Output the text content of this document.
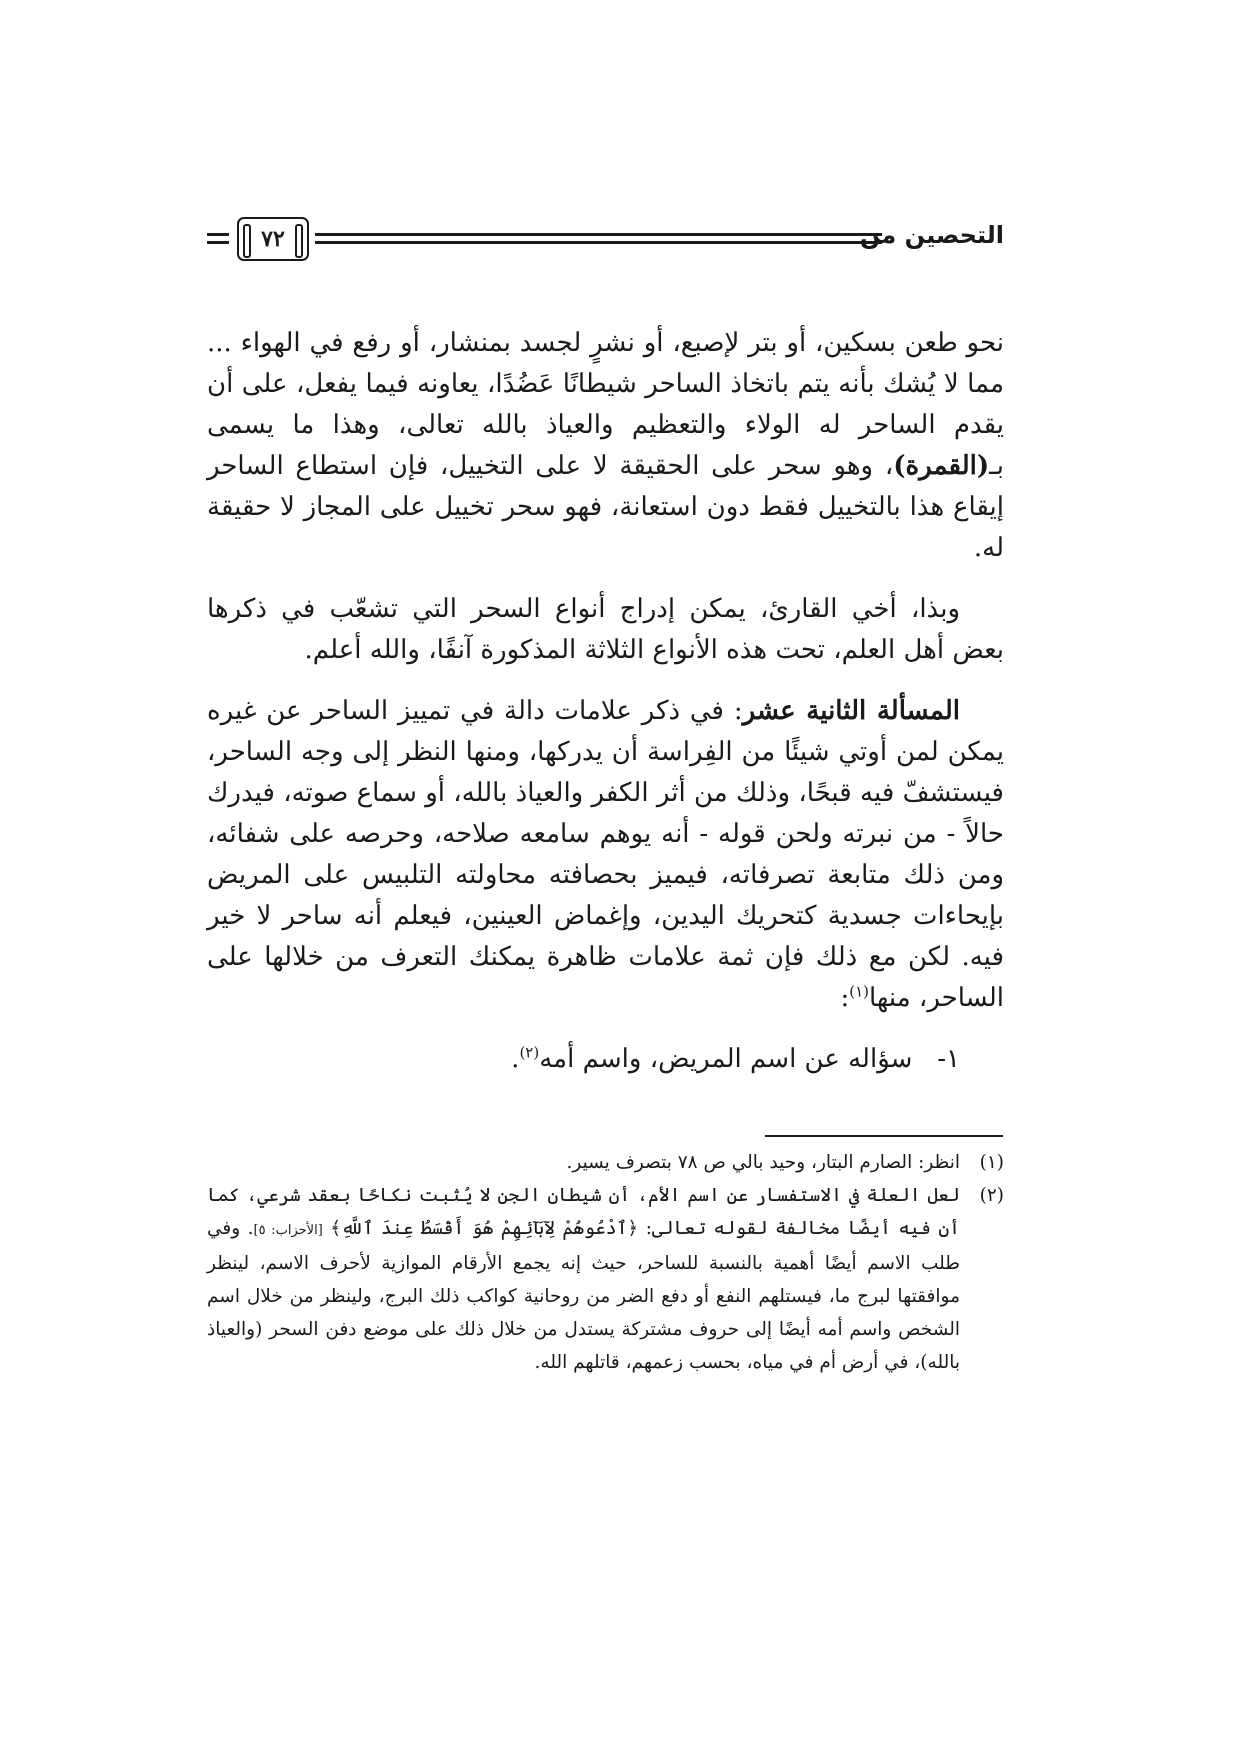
٧٢	التحصين من

نحو طعن بسكين، أو بتر لإصبع، أو نشرٍ لجسد بمنشار، أو رفع في الهواء ... مما لا يُشك بأنه يتم باتخاذ الساحر شيطانًا عَضُدًا، يعاونه فيما يفعل، على أن يقدم الساحر له الولاء والتعظيم والعياذ بالله تعالى، وهذا ما يسمى بـ(القمرة)، وهو سحر على الحقيقة لا على التخييل، فإن استطاع الساحر إيقاع هذا بالتخييل فقط دون استعانة، فهو سحر تخييل على المجاز لا حقيقة له.

وبذا، أخي القارئ، يمكن إدراج أنواع السحر التي تشعّب في ذكرها بعض أهل العلم، تحت هذه الأنواع الثلاثة المذكورة آنفًا، والله أعلم.

المسألة الثانية عشر: في ذكر علامات دالة في تمييز الساحر عن غيره يمكن لمن أوتي شيئًا من الفِراسة أن يدركها، ومنها النظر إلى وجه الساحر، فيستشفّ فيه قبحًا، وذلك من أثر الكفر والعياذ بالله، أو سماع صوته، فيدرك حالاً - من نبرته ولحن قوله - أنه يوهم سامعه صلاحه، وحرصه على شفائه، ومن ذلك متابعة تصرفاته، فيميز بحصافته محاولته التلبيس على المريض بإيحاءات جسدية كتحريك اليدين، وإغماض العينين، فيعلم أنه ساحر لا خير فيه. لكن مع ذلك فإن ثمة علامات ظاهرة يمكنك التعرف من خلالها على الساحر، منها$^{(١)}$:

١-   سؤاله عن اسم المريض، واسم أمه$^{(٢)}$.

(١)
انظر: الصارم البتار، وحيد بالي ص ٧٨ بتصرف يسير.
(٢)
لعل العلة في الاستفسار عن اسم الأم، أن شيطان الجن لا يُثبت نكاحًا بعقد شرعي، كما أن فيه أيضًا مخالفة لقوله تعالى: ﴿ٱدْعُوهُمْ لِآبَآئِهِمْ هُوَ أَقْسَطُ عِندَ ٱللَّهِ﴾ [الأحزاب: ٥]. وفي طلب الاسم أيضًا أهمية بالنسبة للساحر، حيث إنه يجمع الأرقام الموازية لأحرف الاسم، لينظر موافقتها لبرج ما، فيستلهم النفع أو دفع الضر من روحانية كواكب ذلك البرج، ولينظر من خلال اسم الشخص واسم أمه أيضًا إلى حروف مشتركة يستدل من خلال ذلك على موضع دفن السحر (والعياذ بالله)، في أرض أم في مياه، بحسب زعمهم، قاتلهم الله.
